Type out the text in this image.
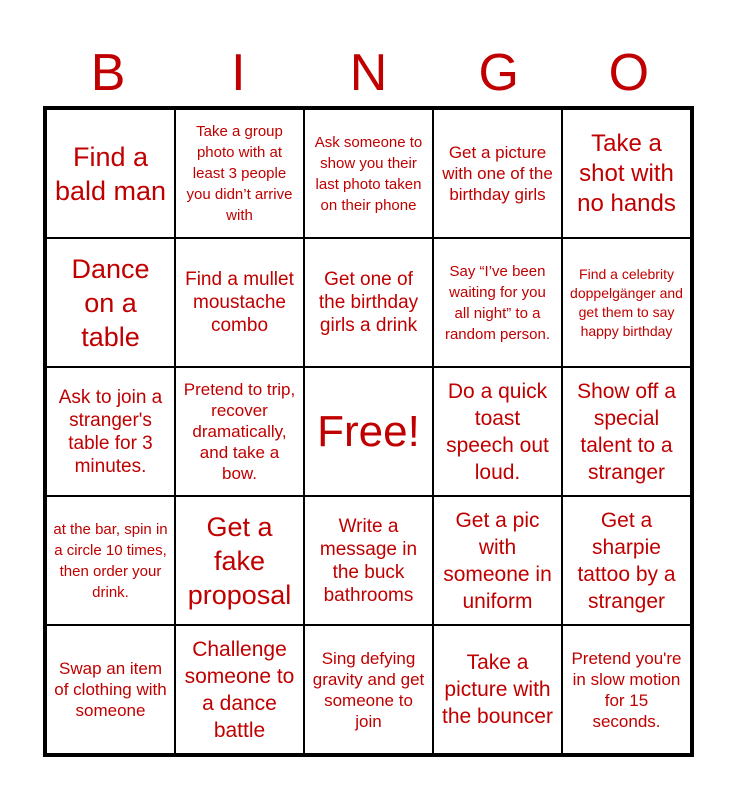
B	I	N	G	O
Find a bald man
Take a group photo with at least 3 people you didn’t arrive with
Ask someone to show you their last photo taken on their phone
Get a picture with one of the birthday girls
Take a shot with no hands
Dance on a table
Find a mullet moustache combo
Get one of the birthday girls a drink
Say “I’ve been waiting for you all night” to a random person.
Find a celebrity doppelgänger and get them to say happy birthday
Ask to join a stranger's table for 3 minutes.
Pretend to trip, recover dramatically, and take a bow.
Free!
Do a quick toast speech out loud.
Show off a special talent to a stranger
at the bar, spin in a circle 10 times, then order your drink.
Get a fake proposal
Write a message in the buck bathrooms
Get a pic with someone in uniform
Get a sharpie tattoo by a stranger
Swap an item of clothing with someone
Challenge someone to a dance battle
Sing defying gravity and get someone to join
Take a picture with the bouncer
Pretend you're in slow motion for 15 seconds.
